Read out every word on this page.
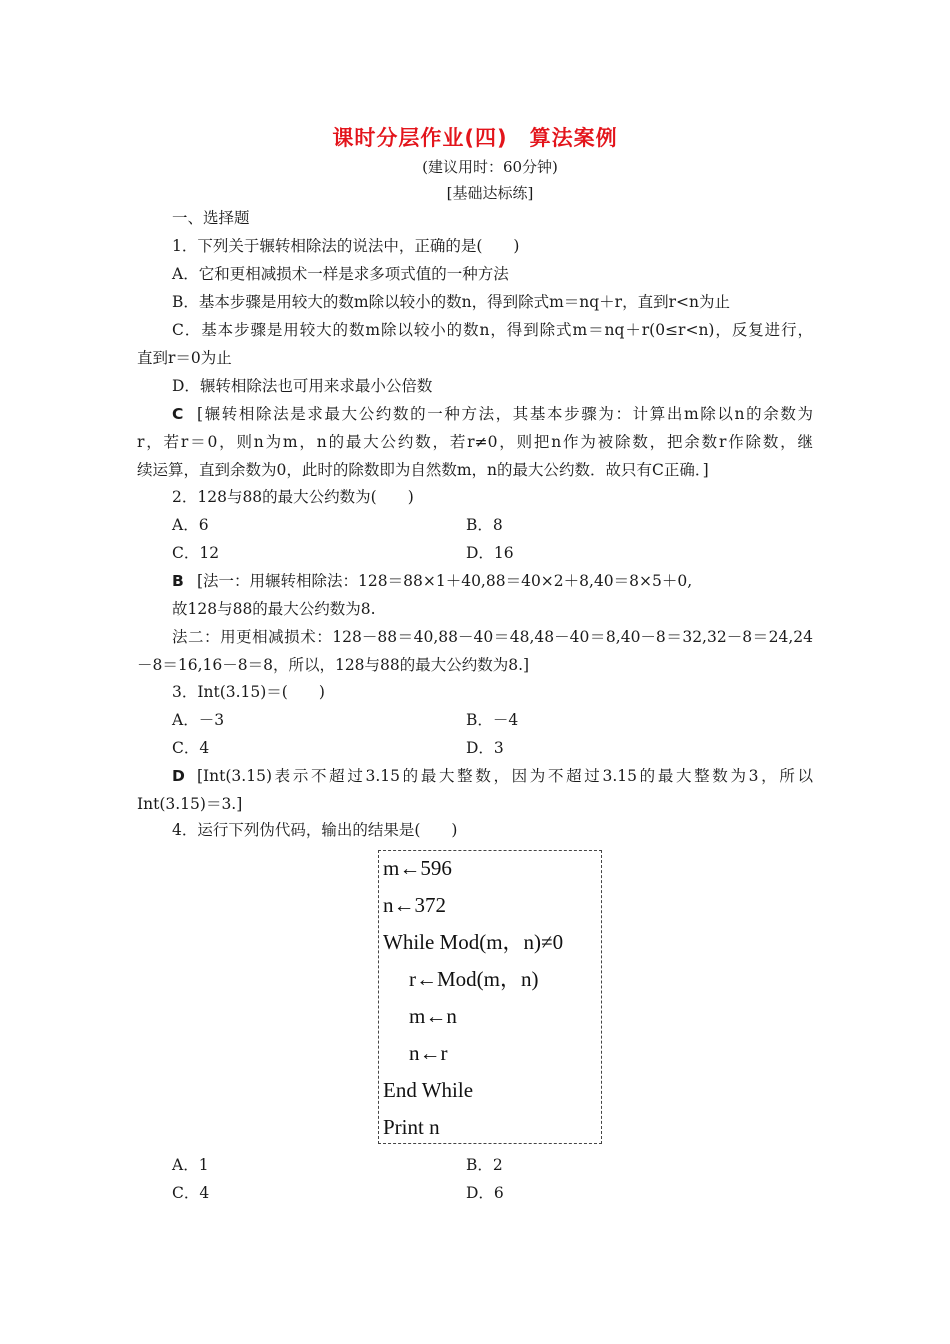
课时分层作业(四)　算法案例
(建议用时：60分钟)
[基础达标练]
一、选择题
1．下列关于辗转相除法的说法中，正确的是(　　)
A．它和更相减损术一样是求多项式值的一种方法
B．基本步骤是用较大的数m除以较小的数n，得到除式m＝nq＋r，直到r<n为止
C．基本步骤是用较大的数m除以较小的数n，得到除式m＝nq＋r(0≤r<n)，反复进行，
直到r＝0为止
D．辗转相除法也可用来求最小公倍数
C [辗转相除法是求最大公约数的一种方法，其基本步骤为：计算出m除以n的余数为
r，若r＝0，则n为m，n的最大公约数，若r≠0，则把n作为被除数，把余数r作除数，继
续运算，直到余数为0，此时的除数即为自然数m，n的最大公约数．故只有C正确．]
2．128与88的最大公约数为(　　)
A．6	B．8
C．12	D．16
B [法一：用辗转相除法：128＝88×1＋40,88＝40×2＋8,40＝8×5＋0,
故128与88的最大公约数为8.
法二：用更相减损术：128－88＝40,88－40＝48,48－40＝8,40－8＝32,32－8＝24,24
－8＝16,16－8＝8，所以，128与88的最大公约数为8.]
3．Int(3.15)＝(　　)
A．－3	B．－4
C．4	D．3
D [Int(3.15)表示不超过3.15的最大整数，因为不超过3.15的最大整数为3，所以
Int(3.15)＝3.]
4．运行下列伪代码，输出的结果是(　　)
m←596
n←372
While Mod(m，n)≠0
r←Mod(m，n)
m←n
n←r
End While
Print n
A．1	B．2
C．4	D．6
